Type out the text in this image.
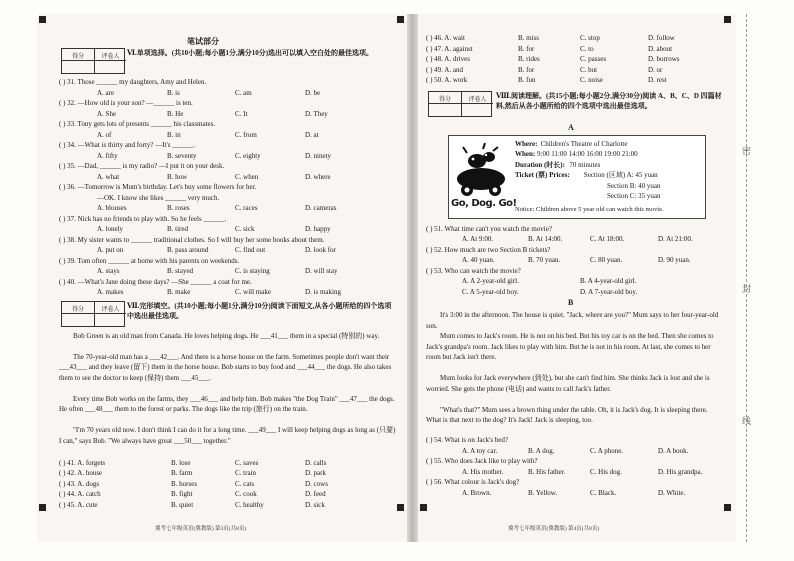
笔试部分
得分	评卷人	Ⅵ.单项选择。(共10小题;每小题1分,满分10分)选出可以填入空白处的最佳选项。
( ) 31. Those ______ my daughters, Amy and Helen.
A. are	B. is	C. am	D. be
( ) 32. —How old is your son? —______ is ten.
A. She	B. He	C. It	D. They
( ) 33. Tony gets lots of presents ______ his classmates.
A. of	B. in	C. from	D. at
( ) 34. —What is thirty and forty? —It's ______.
A. fifty	B. seventy	C. eighty	D. ninety
( ) 35. —Dad, ______ is my radio? —I put it on your desk.
A. what	B. how	C. when	D. where
( ) 36. —Tomorrow is Mum's birthday. Let's buy some flowers for her.
—OK. I know she likes ______ very much.
A. blouses	B. roses	C. races	D. cameras
( ) 37. Nick has no friends to play with. So he feels ______.
A. lonely	B. tired	C. sick	D. happy
( ) 38. My sister wants to ______ traditional clothes. So I will buy her some books about them.
A. put on	B. pass around	C. find out	D. look for
( ) 39. Tom often ______ at home with his parents on weekends.
A. stays	B. stayed	C. is staying	D. will stay
( ) 40. —What's Jane doing these days? —She ______ a coat for me.
A. makes	B. make	C. will make	D. is making
得分	评卷人	Ⅶ.完形填空。(共10小题;每小题1分,满分10分)阅读下面短文,从各小题所给的四个选项中选出最佳选项。
Bob Green is an old man from Canada. He loves helping dogs. He ___41___ them in a special (特别的) way.
The 70-year-old man has a ___42___. And there is a horse house on the farm. Sometimes people don't want their ___43___ and they leave (留下) them in the horse house. Bob starts to buy food and ___44___ the dogs. He also takes them to see the doctor to keep (保持) them ___45___.
Every time Bob works on the farms, they ___46___ and help him. Bob makes "the Dog Train" ___47___ the dogs. He often ___48___ them to the forest or parks. The dogs like the trip (旅行) on the train.
"I'm 70 years old now. I don't think I can do it for a long time. ___49___ I will keep helping dogs as long as (只要) I can," says Bob. "We always have great ___50___ together."
( ) 41. A. forgets	B. lose	C. saves	D. calls
( ) 42. A. house	B. farm	C. train	D. park
( ) 43. A. dogs	B. horses	C. cats	D. cows
( ) 44. A. catch	B. fight	C. cook	D. feed
( ) 45. A. cute	B. quiet	C. healthy	D. sick
冀考七年级英语(冀教版) 第3页(共8页)
( ) 46. A. wait	B. miss	C. stop	D. follow
( ) 47. A. against	B. for	C. to	D. about
( ) 48. A. drives	B. rides	C. passes	D. borrows
( ) 49. A. and	B. for	C. but	D. or
( ) 50. A. work	B. fun	C. noise	D. rest
得分	评卷人	Ⅷ.阅读理解。(共15小题;每小题2分,满分30分)阅读 A、B、C、D 四篇材料,然后从各小题所给的四个选项中选出最佳选项。
A
Go, Dog. Go!
Where: Children's Theatre of Charlotte
When: 9:00 11:00 14:00 16:00 19:00 21:00
Duration (时长): 70 minutes
Ticket (票) Prices: Section (区域) A: 45 yuan
Section B: 40 yuan
Section C: 35 yuan
Notice: Children above 5 year old can watch this movie.
( ) 51. What time can't you watch the movie?
A. At 9:00.	B. At 14:00.	C. At 18:00.	D. At 21:00.
( ) 52. How much are two Section B tickets?
A. 40 yuan.	B. 70 yuan.	C. 80 yuan.	D. 90 yuan.
( ) 53. Who can watch the movie?
A. A 2-year-old girl.	B. A 4-year-old girl.
C. A 5-year-old boy.	D. A 7-year-old boy.
B
It's 3:00 in the afternoon. The house is quiet. "Jack, where are you?" Mum says to her four-year-old son.
Mum comes to Jack's room. He is not on his bed. But his toy car is on the bed. Then she comes to Jack's grandpa's room. Jack likes to play with him. But he is not in his room. At last, she comes to her room but Jack isn't there.
Mum looks for Jack everywhere (到处), but she can't find him. She thinks Jack is lost and she is worried. She gets the phone (电话) and wants to call Jack's father.
"What's that?" Mum sees a brown thing under the table. Oh, it is Jack's dog. It is sleeping there. What is that next to the dog? It's Jack! Jack is sleeping, too.
( ) 54. What is on Jack's bed?
A. A toy car.	B. A dog.	C. A phone.	D. A book.
( ) 55. Who does Jack like to play with?
A. His mother.	B. His father.	C. His dog.	D. His grandpa.
( ) 56. What colour is Jack's dog?
A. Brown.	B. Yellow.	C. Black.	D. White.
冀考七年级英语(冀教版) 第4页(共8页)
密
封
线
